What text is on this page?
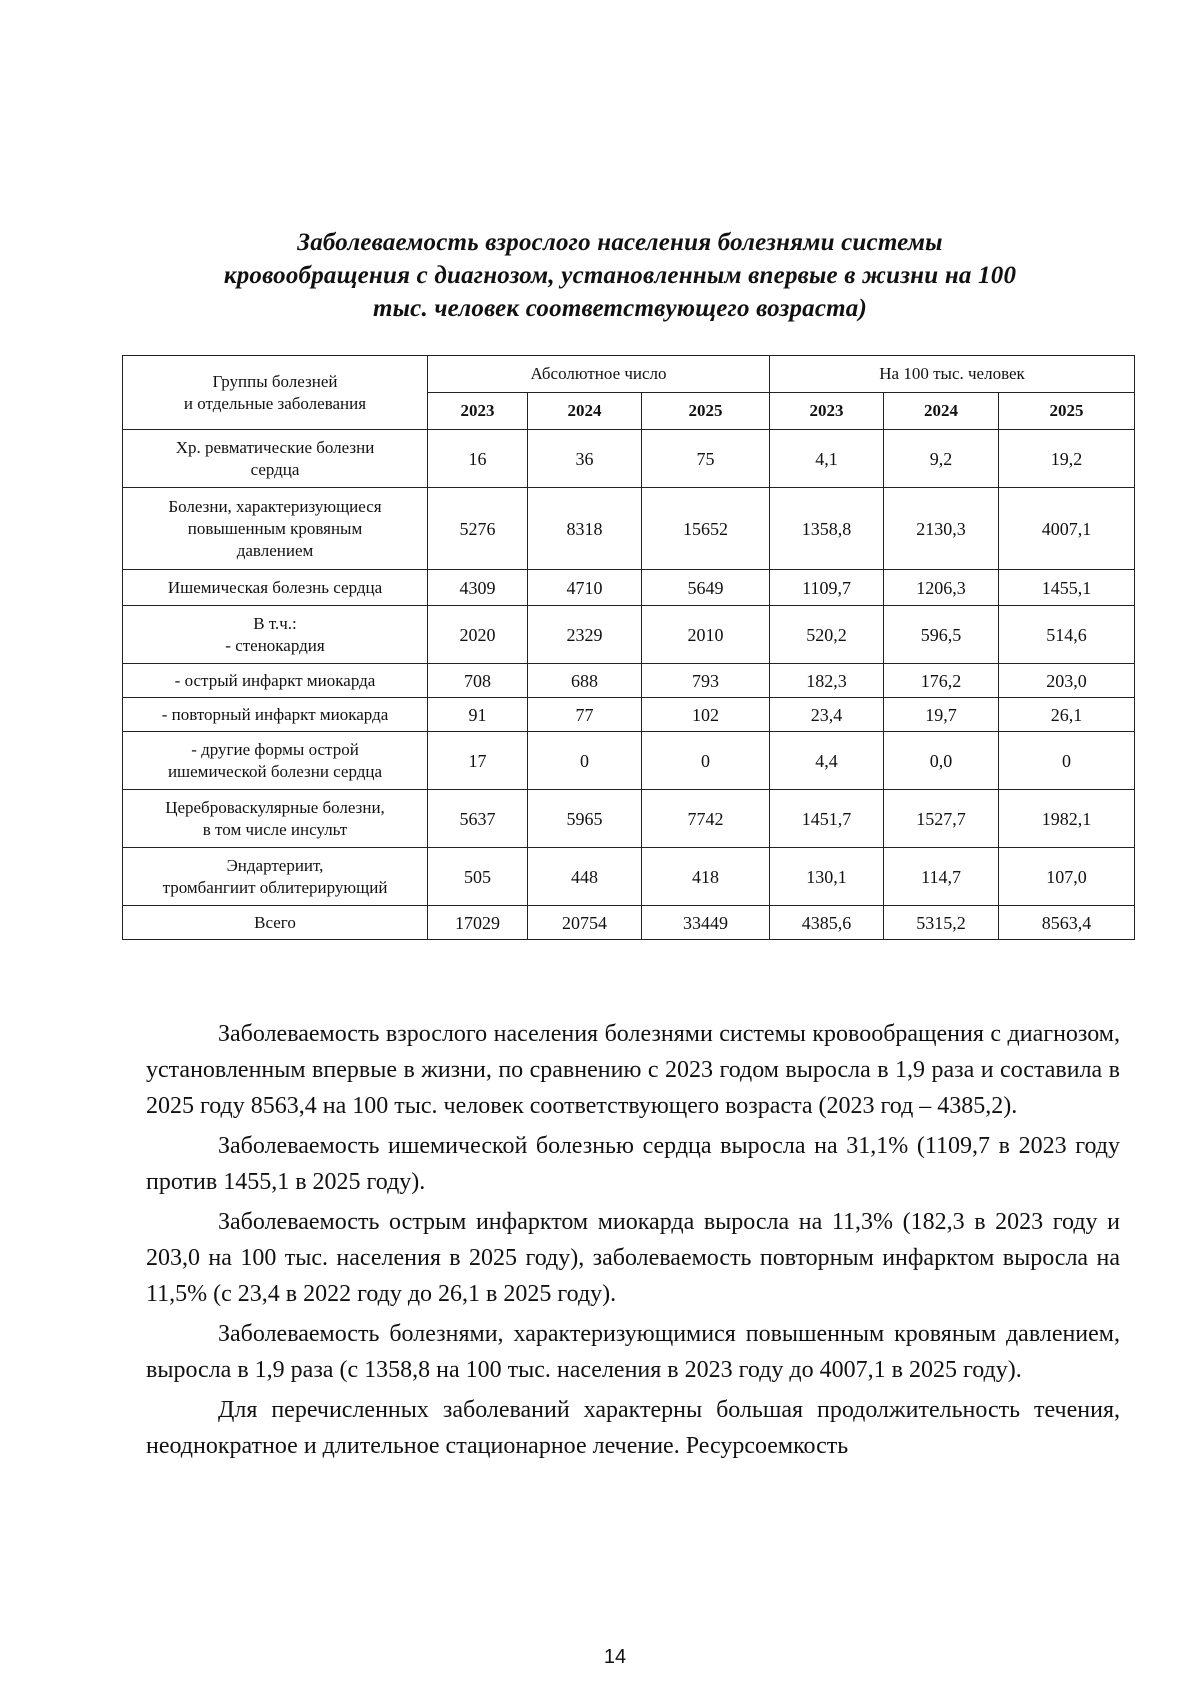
Заболеваемость взрослого населения болезнями системы
кровообращения с диагнозом, установленным впервые в жизни на 100
тыс. человек соответствующего возраста)
Группы болезней
и отдельные заболевания	Абсолютное число			На 100 тыс. человек		
	2023	2024	2025	2023	2024	2025

Хр. ревматические болезни
сердца	16	36	75	4,1	9,2	19,2

Болезни, характеризующиеся
повышенным кровяным
давлением	5276	8318	15652	1358,8	2130,3	4007,1

Ишемическая болезнь сердца	4309	4710	5649	1109,7	1206,3	1455,1

В т.ч.:
- стенокардия	2020	2329	2010	520,2	596,5	514,6

- острый инфаркт миокарда	708	688	793	182,3	176,2	203,0

- повторный инфаркт миокарда	91	77	102	23,4	19,7	26,1

- другие формы острой
ишемической болезни сердца	17	0	0	4,4	0,0	0

Цереброваскулярные болезни,
в том числе инсульт	5637	5965	7742	1451,7	1527,7	1982,1

Эндартериит,
тромбангиит облитерирующий	505	448	418	130,1	114,7	107,0

Всего	17029	20754	33449	4385,6	5315,2	8563,4

Заболеваемость взрослого населения болезнями системы кровообращения с диагнозом, установленным впервые в жизни, по сравнению с 2023 годом выросла в 1,9 раза и составила в 2025 году 8563,4 на 100 тыс. человек соответствующего возраста (2023 год – 4385,2).

Заболеваемость ишемической болезнью сердца выросла на 31,1% (1109,7 в 2023 году против 1455,1 в 2025 году).

Заболеваемость острым инфарктом миокарда выросла на 11,3% (182,3 в 2023 году и 203,0 на 100 тыс. населения в 2025 году), заболеваемость повторным инфарктом выросла на 11,5% (с 23,4 в 2022 году до 26,1 в 2025 году).

Заболеваемость болезнями, характеризующимися повышенным кровяным давлением, выросла в 1,9 раза (с 1358,8 на 100 тыс. населения в 2023 году до 4007,1 в 2025 году).

Для перечисленных заболеваний характерны большая продолжительность течения, неоднократное и длительное стационарное лечение. Ресурсоемкость

14
